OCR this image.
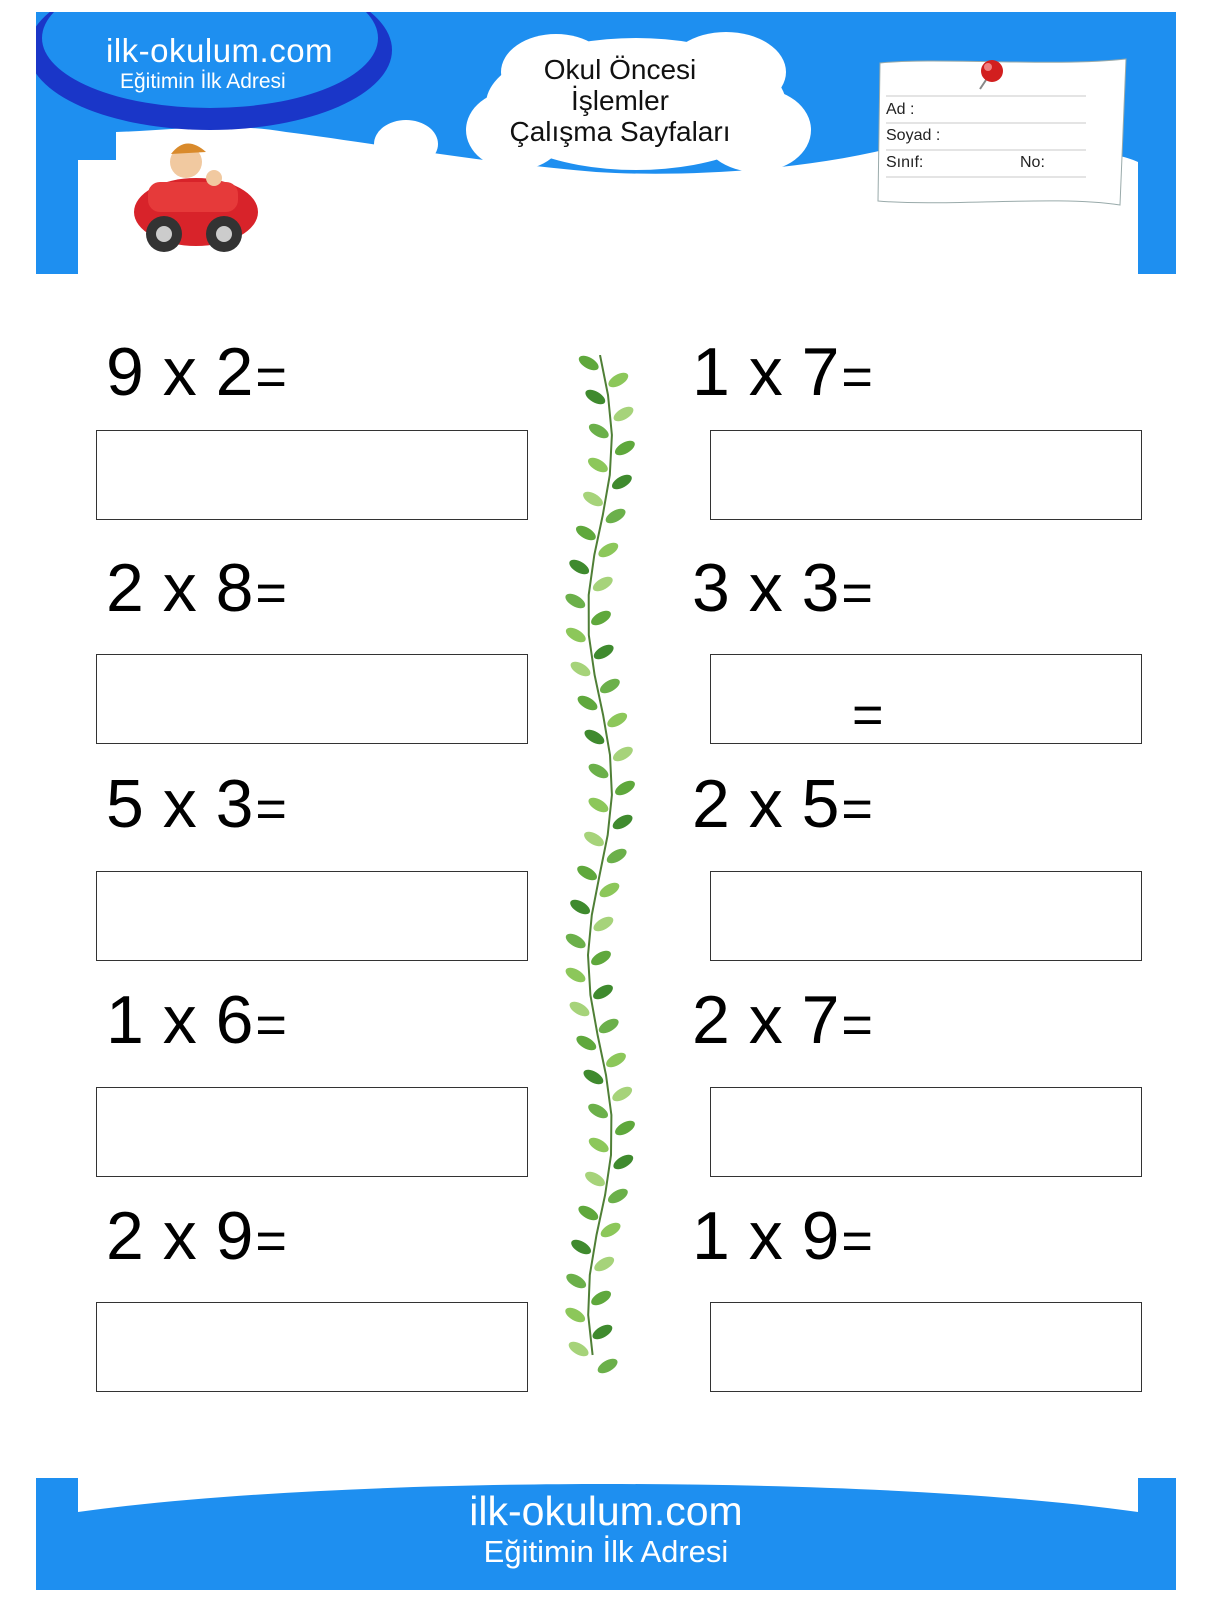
ilk-okulum.com
Eğitimin İlk Adresi	Okul Öncesi
İşlemler
Çalışma Sayfaları
Ad :
Soyad :
Sınıf:	No:
9 x 2=
2 x 8=
5 x 3=
1 x 6=
2 x 9=
1 x 7=
3 x 3=
=
2 x 5=
2 x 7=
1 x 9=
ilk-okulum.com
Eğitimin İlk Adresi
